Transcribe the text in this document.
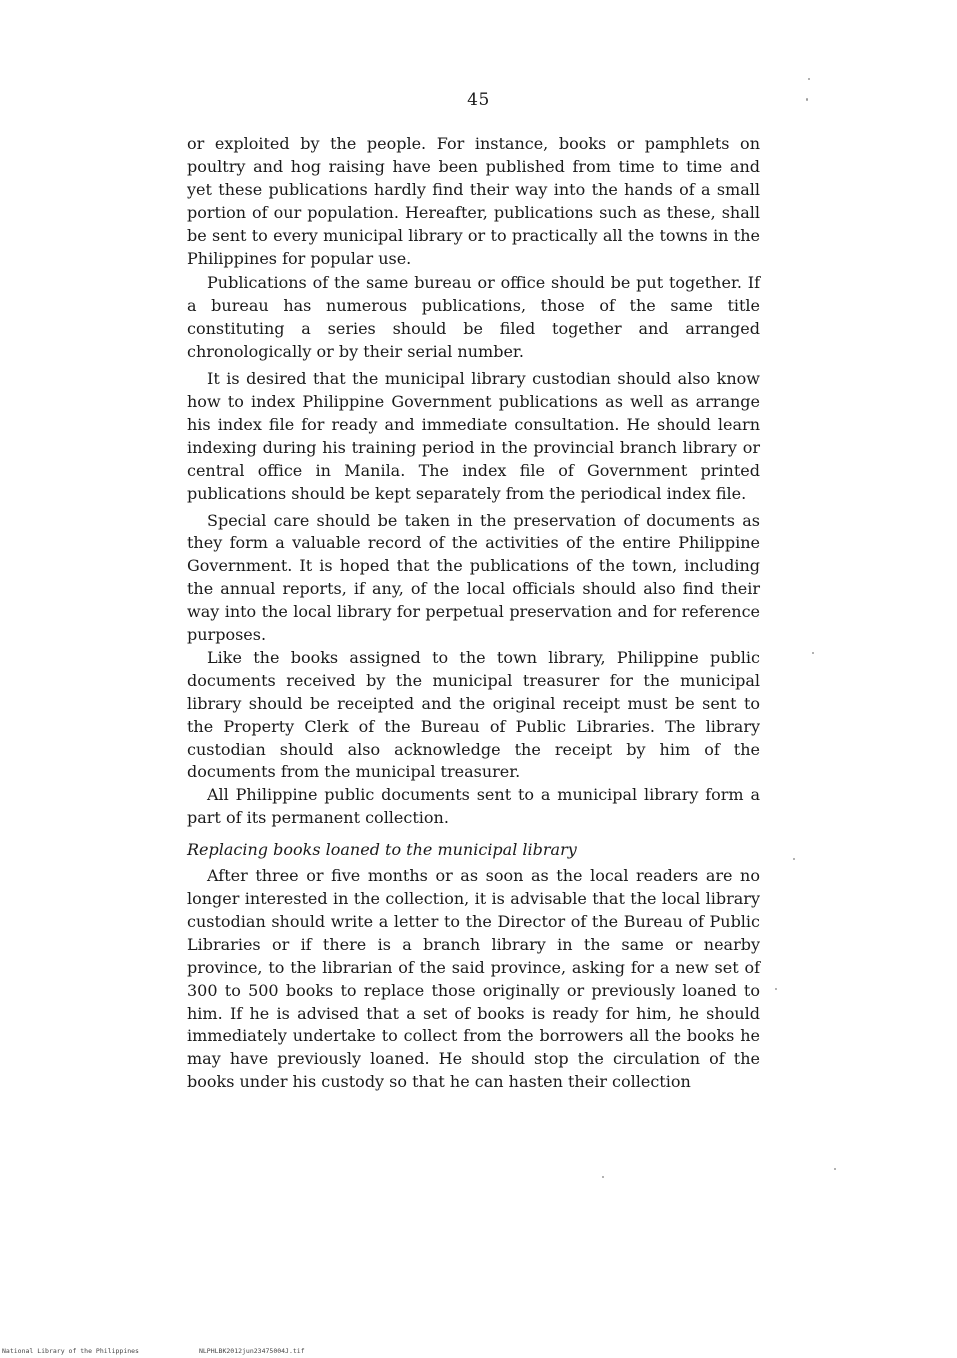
45

or exploited by the people. For instance, books or pamphlets on poultry and hog raising have been published from time to time and yet these publications hardly find their way into the hands of a small portion of our population. Hereafter, publications such as these, shall be sent to every municipal library or to practically all the towns in the Philippines for popular use.

Publications of the same bureau or office should be put together. If a bureau has numerous publications, those of the same title constituting a series should be filed together and arranged chronologically or by their serial number.

It is desired that the municipal library custodian should also know how to index Philippine Government publications as well as arrange his index file for ready and immediate consultation. He should learn indexing during his training period in the provincial branch library or central office in Manila. The index file of Government printed publications should be kept separately from the periodical index file.

Special care should be taken in the preservation of documents as they form a valuable record of the activities of the entire Philippine Government. It is hoped that the publications of the town, including the annual reports, if any, of the local officials should also find their way into the local library for perpetual preservation and for reference purposes.

Like the books assigned to the town library, Philippine public documents received by the municipal treasurer for the municipal library should be receipted and the original receipt must be sent to the Property Clerk of the Bureau of Public Libraries. The library custodian should also acknowledge the receipt by him of the documents from the municipal treasurer.

All Philippine public documents sent to a municipal library form a part of its permanent collection.

Replacing books loaned to the municipal library

After three or five months or as soon as the local readers are no longer interested in the collection, it is advisable that the local library custodian should write a letter to the Director of the Bureau of Public Libraries or if there is a branch library in the same or nearby province, to the librarian of the said province, asking for a new set of 300 to 500 books to replace those originally or previously loaned to him. If he is advised that a set of books is ready for him, he should immediately undertake to collect from the borrowers all the books he may have previously loaned. He should stop the circulation of the books under his custody so that he can hasten their collection

National Library of the Philippines	NLPHLBK2012jun23475004J.tif
